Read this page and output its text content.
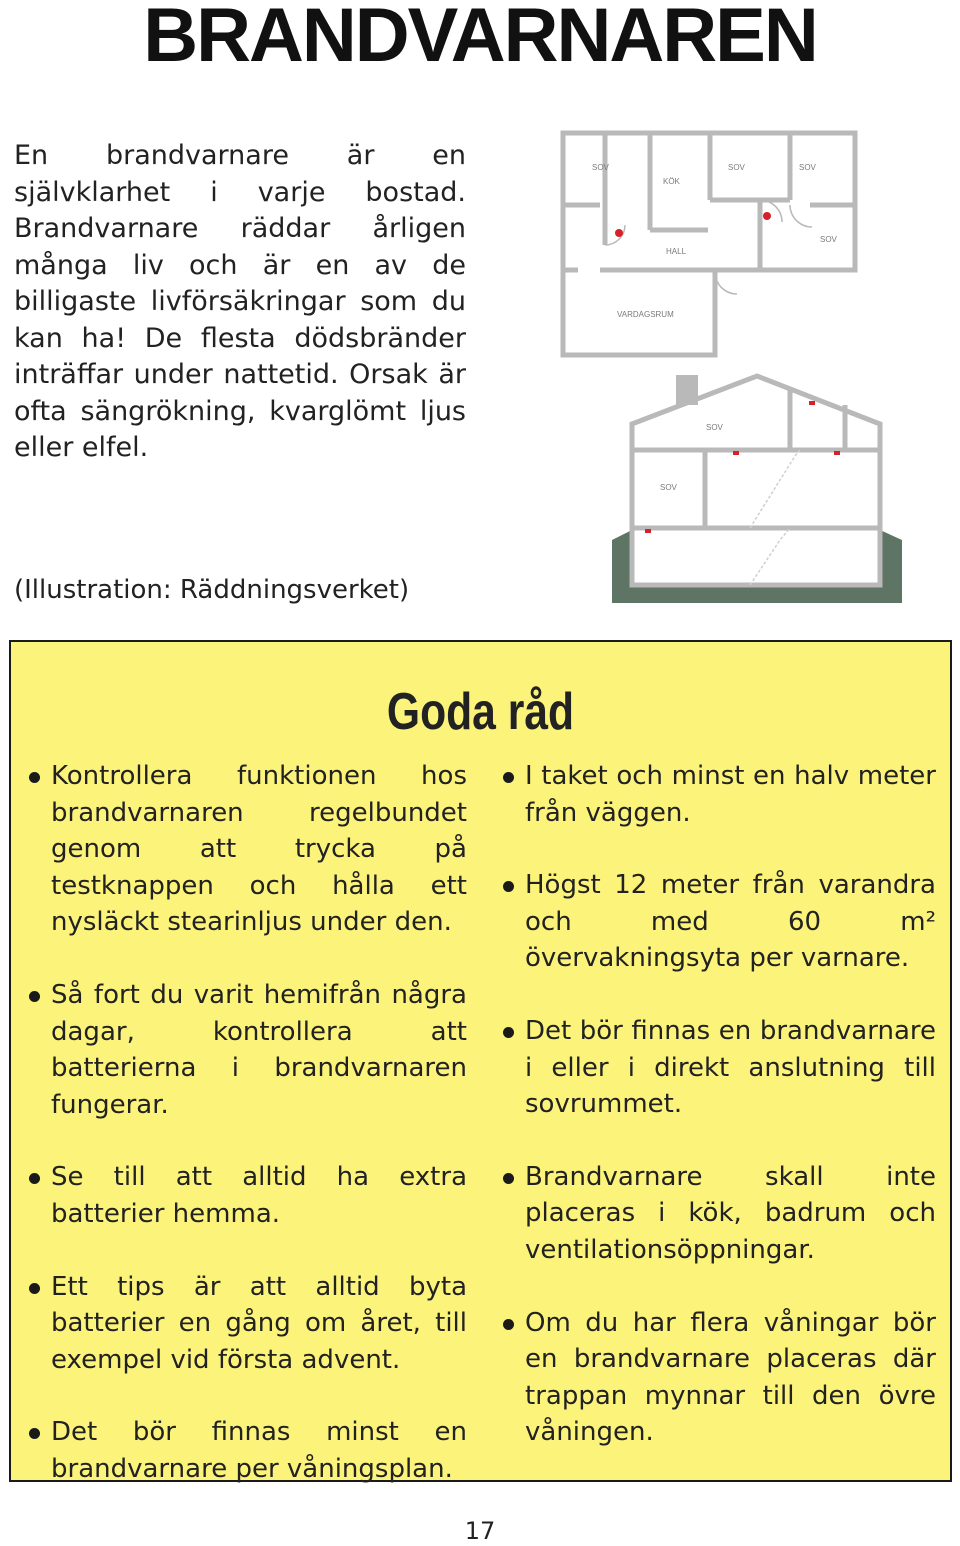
BRANDVARNAREN
En brandvarnare är en självklarhet i varje bostad. Brandvarnare räddar årligen många liv och är en av de billigaste livförsäkringar som du kan ha! De flesta dödsbränder inträffar under nattetid. Orsak är ofta sängrökning, kvarglömt ljus eller elfel.
SOV
KÖK
SOV	SOV
SOV
HALL
VARDAGSRUM
SOV
SOV
(Illustration: Räddningsverket)
Goda råd
Kontrollera funktionen hos brandvarnaren regelbundet genom att trycka på testknappen och hålla ett nysläckt stearinljus under den.
Så fort du varit hemifrån några dagar, kontrollera att batterierna i brandvarnaren fungerar.
Se till att alltid ha extra batterier hemma.
Ett tips är att alltid byta batterier en gång om året, till exempel vid första advent.
Det bör finnas minst en brandvarnare per våningsplan.
I taket och minst en halv meter från väggen.
Högst 12 meter från varandra och med 60 m² övervakningsyta per varnare.
Det bör finnas en brandvarnare i eller i direkt anslutning till sovrummet.
Brandvarnare skall inte placeras i kök, badrum och ventilationsöppningar.
Om du har flera våningar bör en brandvarnare placeras där trappan mynnar till den övre våningen.
17
